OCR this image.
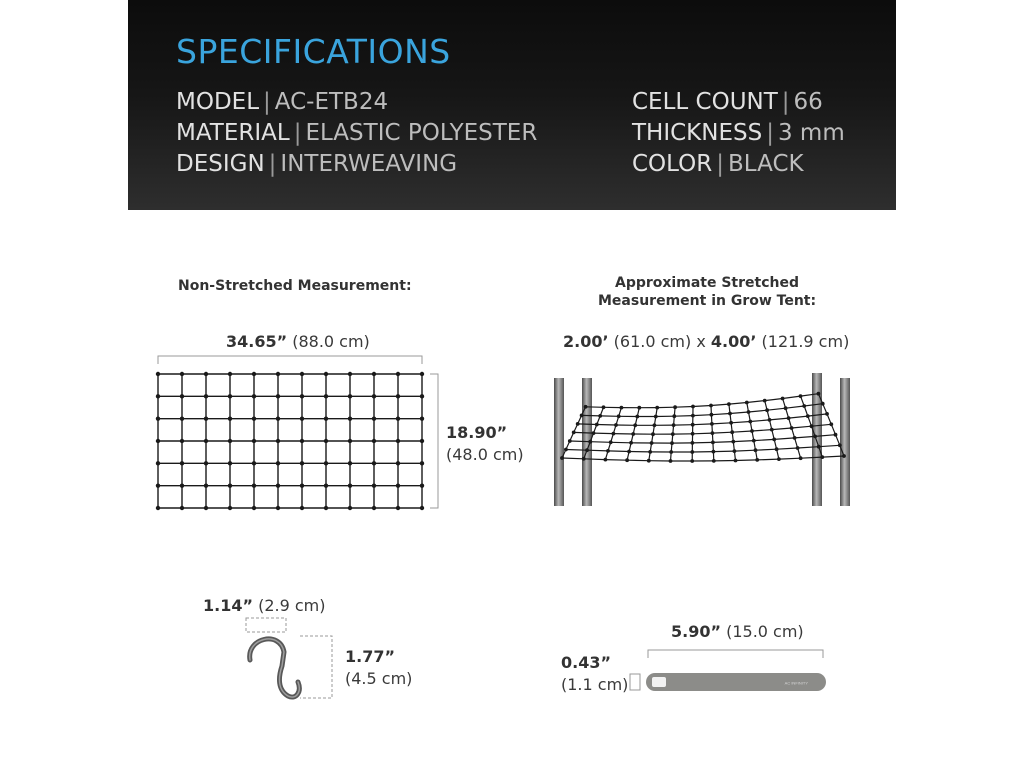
SPECIFICATIONS
MODEL | AC-ETB24
MATERIAL | ELASTIC POLYESTER
DESIGN | INTERWEAVING
CELL COUNT | 66
THICKNESS | 3 mm
COLOR | BLACK
Non-Stretched Measurement:
34.65” (88.0 cm)
18.90”
(48.0 cm)
Approximate Stretched
Measurement in Grow Tent:
2.00’ (61.0 cm) x 4.00’ (121.9 cm)
1.14” (2.9 cm)
1.77”
(4.5 cm)
5.90” (15.0 cm)
0.43”
(1.1 cm)	AC INFINITY
